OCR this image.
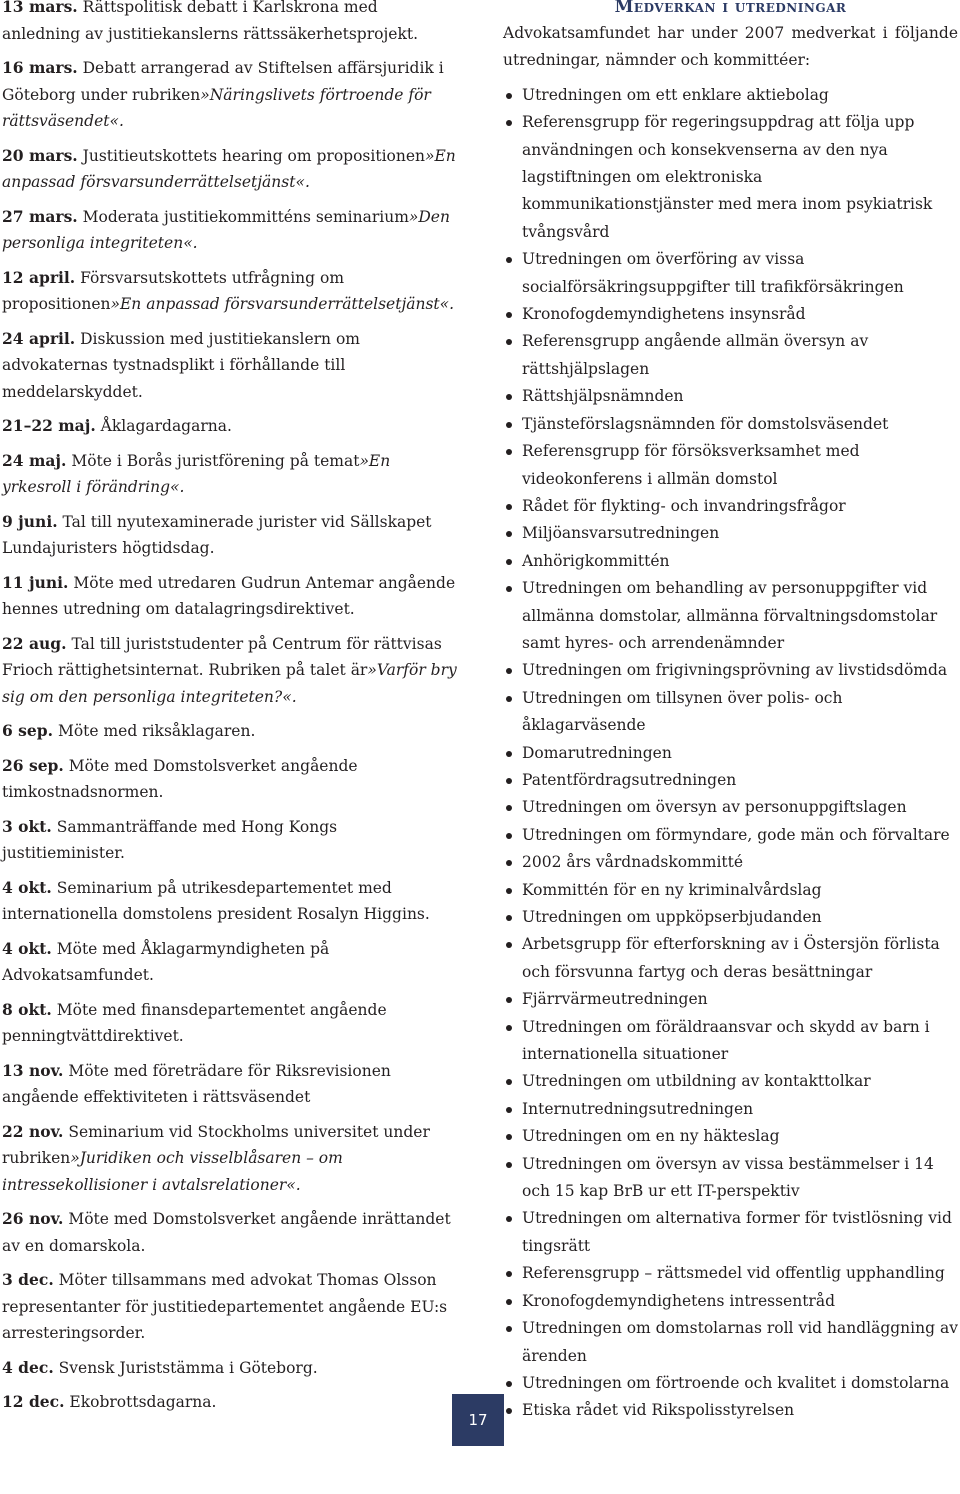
13 mars. Rättspolitisk debatt i Karlskrona med anledning av justitiekanslerns rättssäkerhetsprojekt.

16 mars. Debatt arrangerad av Stiftelsen affärsjuridik i Göteborg under rubriken»Näringslivets förtroende för rättsväsendet«.

20 mars. Justitieutskottets hearing om propositionen»En anpassad försvarsunderrättelsetjänst«.

27 mars. Moderata justitiekommitténs seminarium»Den personliga integriteten«.

12 april. Försvarsutskottets utfrågning om propositionen»En anpassad försvarsunderrättelsetjänst«.

24 april. Diskussion med justitiekanslern om advokaternas tystnadsplikt i förhållande till meddelarskyddet.

21–22 maj. Åklagardagarna.

24 maj. Möte i Borås juristförening på temat»En yrkesroll i förändring«.

9 juni. Tal till nyutexaminerade jurister vid Sällskapet Lundajuristers högtidsdag.

11 juni. Möte med utredaren Gudrun Antemar angående hennes utredning om datalagringsdirektivet.

22 aug. Tal till juriststudenter på Centrum för rättvisas Frioch rättighetsinternat. Rubriken på talet är»Varför bry sig om den personliga integriteten?«.

6 sep. Möte med riksåklagaren.

26 sep. Möte med Domstolsverket angående timkostnadsnormen.

3 okt. Sammanträffande med Hong Kongs justitieminister.

4 okt. Seminarium på utrikesdepartementet med internationella domstolens president Rosalyn Higgins.

4 okt. Möte med Åklagarmyndigheten på Advokatsamfundet.

8 okt. Möte med finansdepartementet angående penningtvättdirektivet.

13 nov. Möte med företrädare för Riksrevisionen angående effektiviteten i rättsväsendet

22 nov. Seminarium vid Stockholms universitet under rubriken»Juridiken och visselblåsaren – om intressekollisioner i avtalsrelationer«.

26 nov. Möte med Domstolsverket angående inrättandet av en domarskola.

3 dec. Möter tillsammans med advokat Thomas Olsson representanter för justitiedepartementet angående EU:s arresteringsorder.

4 dec. Svensk Juriststämma i Göteborg.

12 dec. Ekobrottsdagarna.

Medverkan i utredningar

Advokatsamfundet har under 2007 medverkat i följande utredningar, nämnder och kommittéer:

Utredningen om ett enklare aktiebolag
Referensgrupp för regeringsuppdrag att följa upp användningen och konsekvenserna av den nya lagstiftningen om elektroniska kommunikationstjänster med mera inom psykiatrisk tvångsvård
Utredningen om överföring av vissa socialförsäkringsuppgifter till trafikförsäkringen
Kronofogdemyndighetens insynsråd
Referensgrupp angående allmän översyn av rättshjälpslagen
Rättshjälpsnämnden
Tjänsteförslagsnämnden för domstolsväsendet
Referensgrupp för försöksverksamhet med videokonferens i allmän domstol
Rådet för flykting- och invandringsfrågor
Miljöansvarsutredningen
Anhörigkommittén
Utredningen om behandling av personuppgifter vid allmänna domstolar, allmänna förvaltningsdomstolar samt hyres- och arrendenämnder
Utredningen om frigivningsprövning av livstidsdömda
Utredningen om tillsynen över polis- och åklagarväsende
Domarutredningen
Patentfördragsutredningen
Utredningen om översyn av personuppgiftslagen
Utredningen om förmyndare, gode män och förvaltare
2002 års vårdnadskommitté
Kommittén för en ny kriminalvårdslag
Utredningen om uppköpserbjudanden
Arbetsgrupp för efterforskning av i Östersjön förlista och försvunna fartyg och deras besättningar
Fjärrvärmeutredningen
Utredningen om föräldraansvar och skydd av barn i internationella situationer
Utredningen om utbildning av kontakttolkar
Internutredningsutredningen
Utredningen om en ny häkteslag
Utredningen om översyn av vissa bestämmelser i 14 och 15 kap BrB ur ett IT-perspektiv
Utredningen om alternativa former för tvistlösning vid tingsrätt
Referensgrupp – rättsmedel vid offentlig upphandling
Kronofogdemyndighetens intressentråd
Utredningen om domstolarnas roll vid handläggning av ärenden
Utredningen om förtroende och kvalitet i domstolarna
Etiska rådet vid Rikspolisstyrelsen
17
